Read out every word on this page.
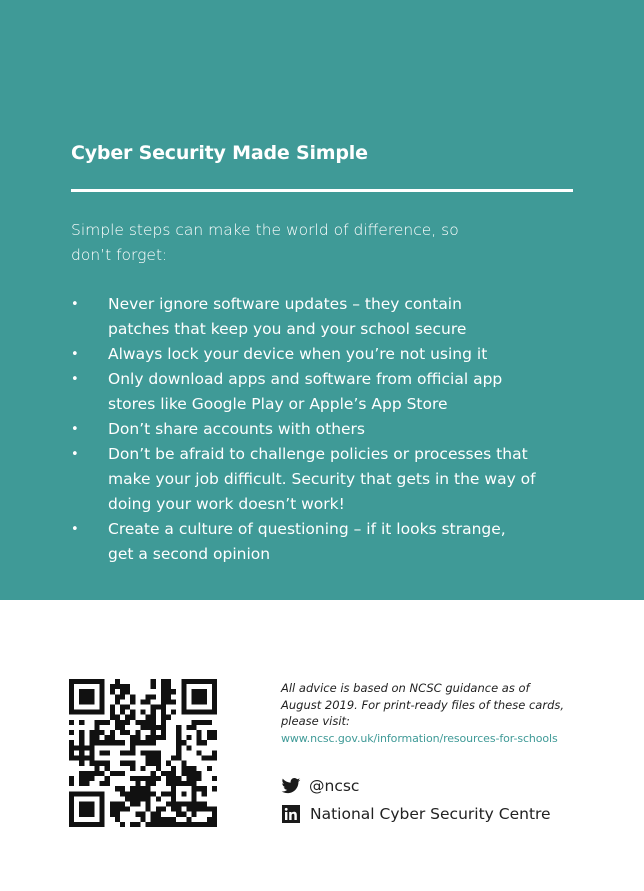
Cyber Security Made Simple

Simple steps can make the world of difference, so
don’t forget:

• Never ignore software updates – they contain
patches that keep you and your school secure
• Always lock your device when you’re not using it
• Only download apps and software from official app
stores like Google Play or Apple’s App Store
• Don’t share accounts with others
• Don’t be afraid to challenge policies or processes that
make your job difficult. Security that gets in the way of
doing your work doesn’t work!
• Create a culture of questioning – if it looks strange,
get a second opinion

All advice is based on NCSC guidance as of
August 2019. For print-ready files of these cards,
please visit:

www.ncsc.gov.uk/information/resources-for-schools

@ncsc
National Cyber Security Centre
